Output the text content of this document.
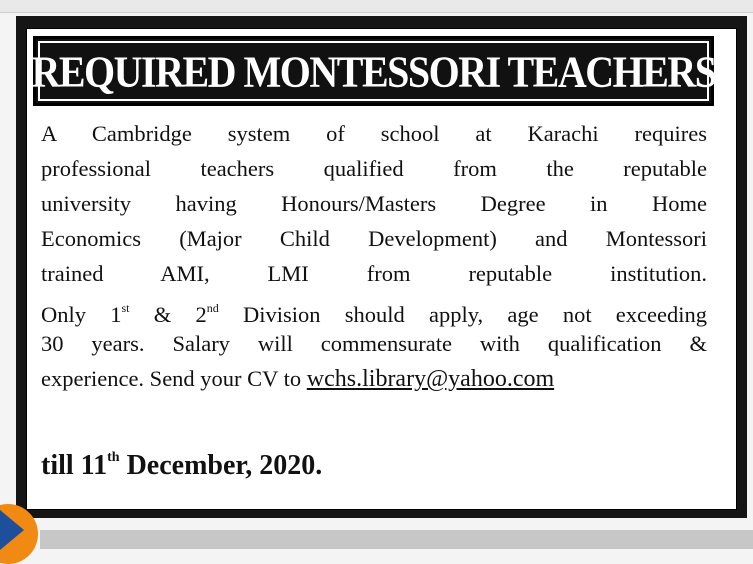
REQUIRED MONTESSORI TEACHERS
A Cambridge system of school at Karachi requires
professional teachers qualified from the reputable
university having Honours/Masters Degree in Home
Economics (Major Child Development) and Montessori
trained AMI, LMI from reputable institution.
Only 1st & 2nd Division should apply, age not exceeding
30 years. Salary will commensurate with qualification &
experience. Send your CV to wchs.library@yahoo.com
till 11th December, 2020.
